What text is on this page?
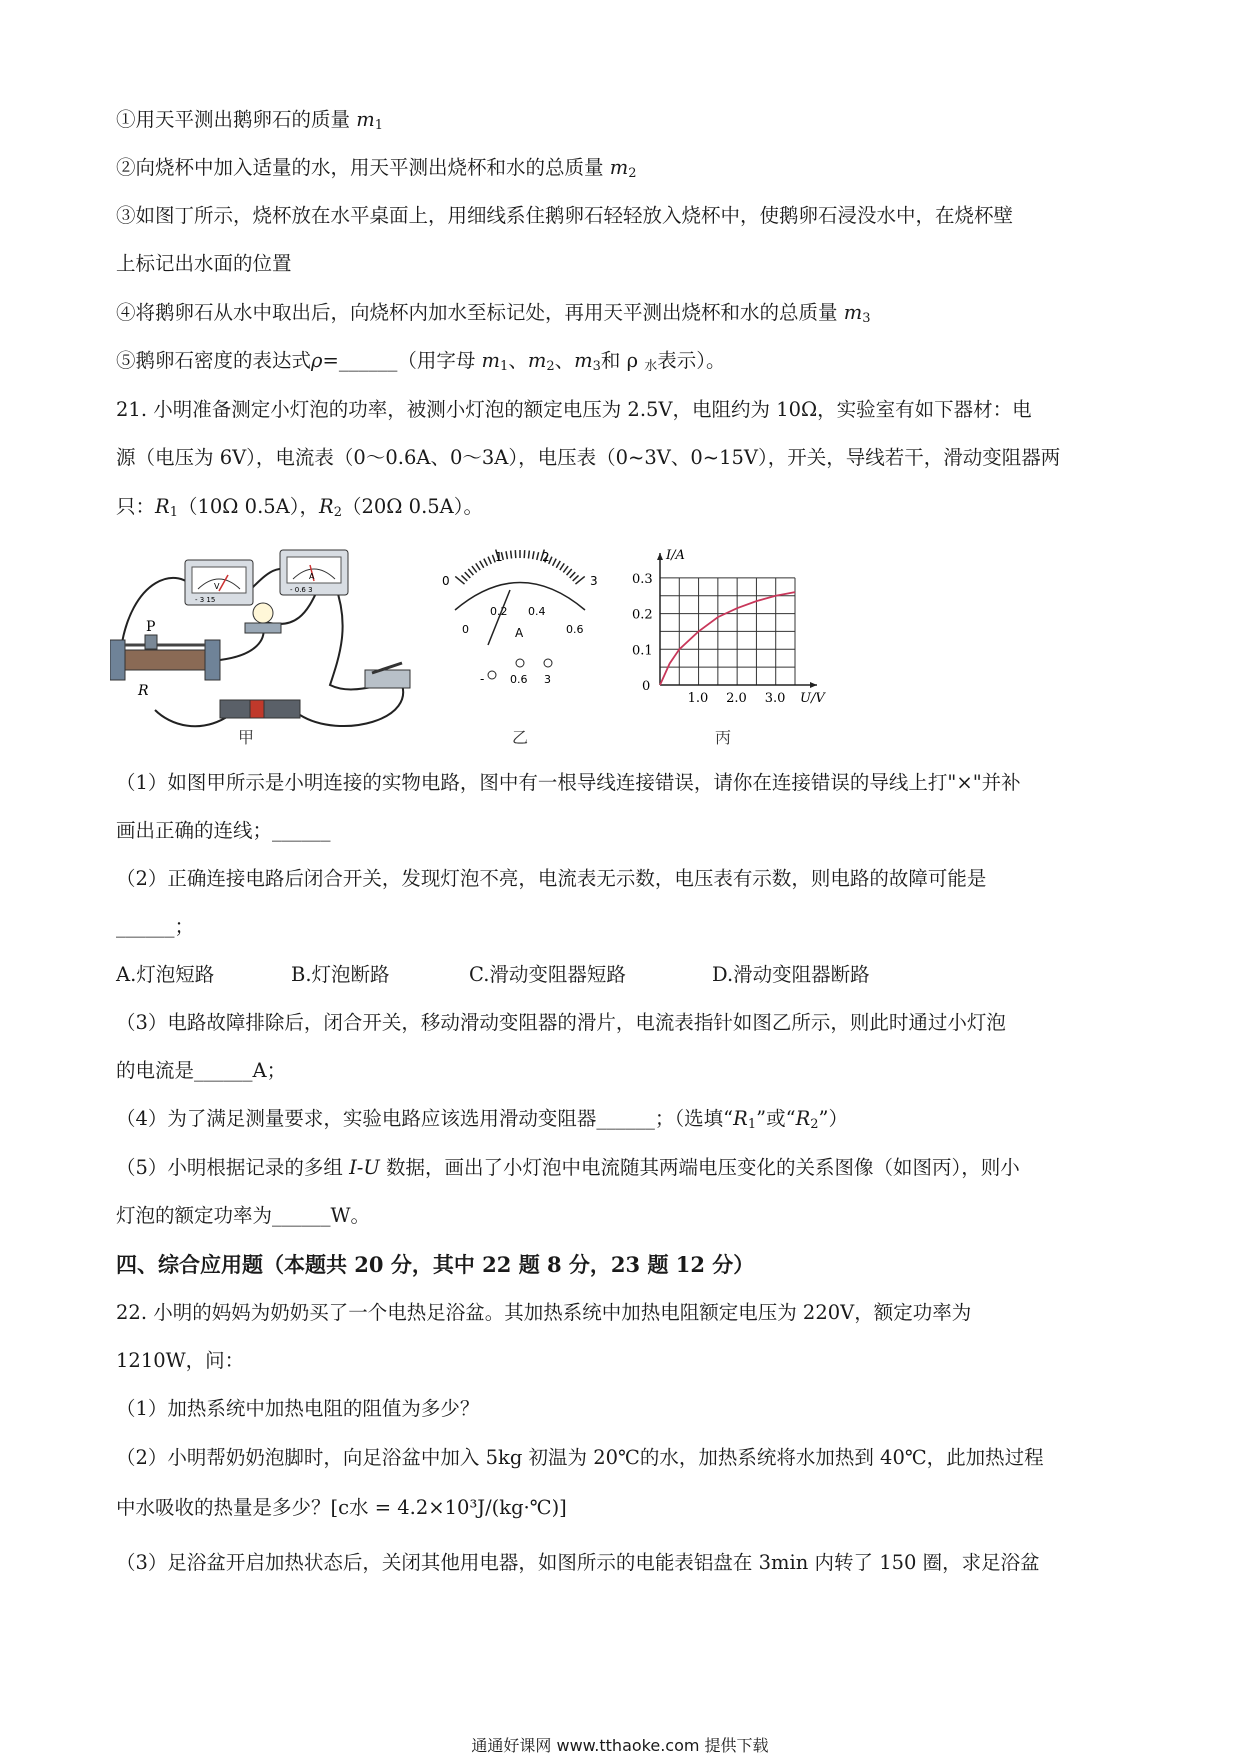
①用天平测出鹅卵石的质量 $m_1$
②向烧杯中加入适量的水，用天平测出烧杯和水的总质量 $m_2$
③如图丁所示，烧杯放在水平桌面上，用细线系住鹅卵石轻轻放入烧杯中，使鹅卵石浸没水中，在烧杯壁
上标记出水面的位置
④将鹅卵石从水中取出后，向烧杯内加水至标记处，再用天平测出烧杯和水的总质量 $m_3$
⑤鹅卵石密度的表达式ρ=______（用字母 $m_1$、$m_2$、$m_3$和 ρ $_水$表示）。
21. 小明准备测定小灯泡的功率，被测小灯泡的额定电压为 2.5V，电阻约为 10Ω，实验室有如下器材：电
源（电压为 6V），电流表（0～0.6A、0～3A），电压表（0~3V、0~15V），开关，导线若干，滑动变阻器两
只：$R_1(10\Omega$ 0.5A），$R_2(20\Omega$ 0.5A）。
V
- 3 15
A
- 0.6 3
P
R
甲
0
1	2
3
0
0.2 0.4
0.6
A
- 0.6 3
乙
1.0 2.0 3.0
0.1
0.2
0.3
0
I/A
U/V
丙
（1）如图甲所示是小明连接的实物电路，图中有一根导线连接错误，请你在连接错误的导线上打"×"并补
画出正确的连线；______
（2）正确连接电路后闭合开关，发现灯泡不亮，电流表无示数，电压表有示数，则电路的故障可能是
______；
A.灯泡短路	B.灯泡断路	C.滑动变阻器短路	D.滑动变阻器断路
（3）电路故障排除后，闭合开关，移动滑动变阻器的滑片，电流表指针如图乙所示，则此时通过小灯泡
的电流是______A；
（4）为了满足测量要求，实验电路应该选用滑动变阻器______；（选填“$R_1$”或“$R_2$”）
（5）小明根据记录的多组 I-U 数据，画出了小灯泡中电流随其两端电压变化的关系图像（如图丙），则小
灯泡的额定功率为______W。
四、综合应用题（本题共 20 分，其中 22 题 8 分，23 题 12 分）
22. 小明的妈妈为奶奶买了一个电热足浴盆。其加热系统中加热电阻额定电压为 220V，额定功率为
1210W，问：
（1）加热系统中加热电阻的阻值为多少？
（2）小明帮奶奶泡脚时，向足浴盆中加入 5kg 初温为 20℃的水，加热系统将水加热到 40℃，此加热过程
中水吸收的热量是多少？[c水 = 4.2×10³J/(kg·℃)]
（3）足浴盆开启加热状态后，关闭其他用电器，如图所示的电能表铝盘在 3min 内转了 150 圈，求足浴盆
通通好课网 www.tthaoke.com 提供下载
